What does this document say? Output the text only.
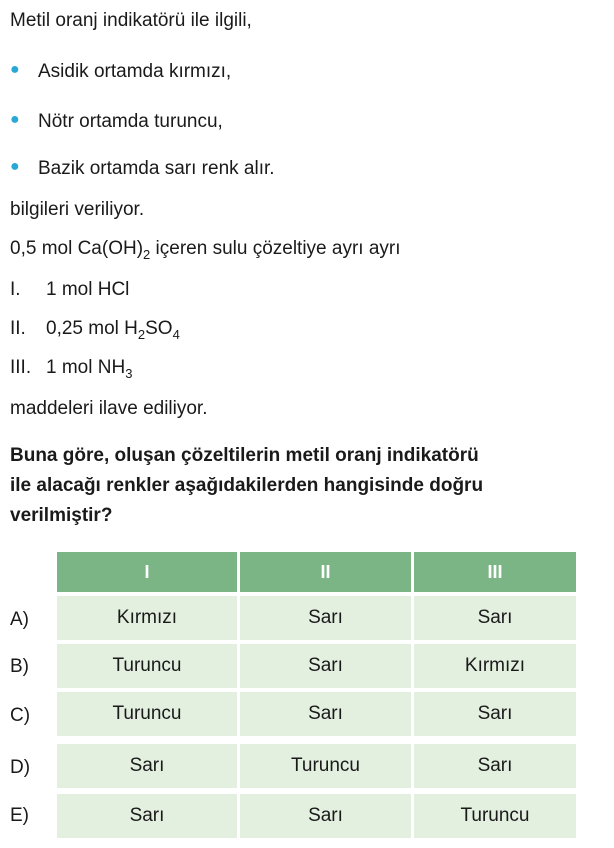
Metil oranj indikatörü ile ilgili,
● Asidik ortamda kırmızı,
● Nötr ortamda turuncu,
● Bazik ortamda sarı renk alır.
bilgileri veriliyor.
0,5 mol $Ca(OH)_2$ içeren sulu çözeltiye ayrı ayrı
I. 1 mol HCl
II. 0,25 mol $H_2SO_4$
III. 1 mol $NH_3$
maddeleri ilave ediliyor.
Buna göre, oluşan çözeltilerin metil oranj indikatörü
ile alacağı renkler aşağıdakilerden hangisinde doğru
verilmiştir?
I	II	III
A)	Kırmızı	Sarı	Sarı
B)	Turuncu	Sarı	Kırmızı
C)	Turuncu	Sarı	Sarı
D)	Sarı	Turuncu	Sarı
E)	Sarı	Sarı	Turuncu
